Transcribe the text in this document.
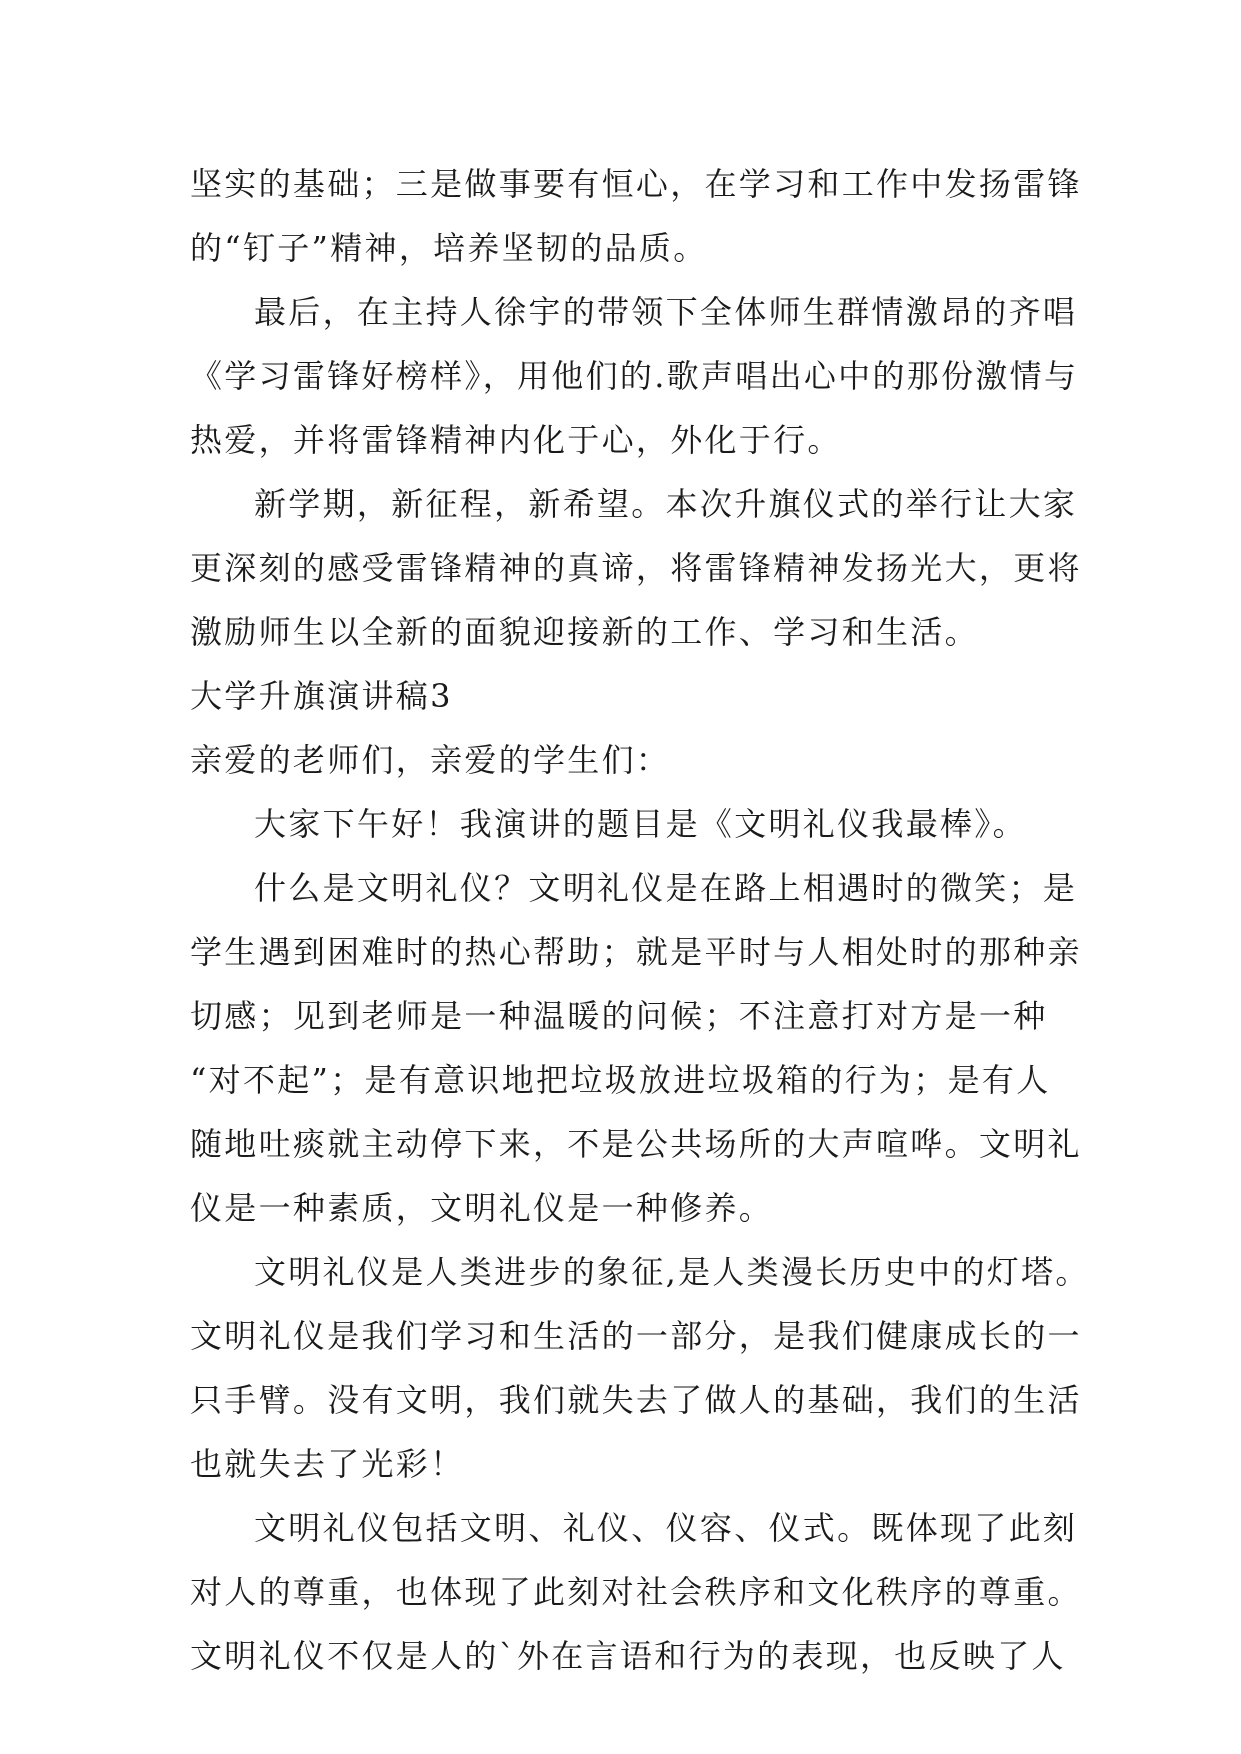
坚实的基础；三是做事要有恒心，在学习和工作中发扬雷锋
的“钉子”精神，培养坚韧的品质。
最后，在主持人徐宇的带领下全体师生群情激昂的齐唱
《学习雷锋好榜样》，用他们的.歌声唱出心中的那份激情与
热爱，并将雷锋精神内化于心，外化于行。
新学期，新征程，新希望。本次升旗仪式的举行让大家
更深刻的感受雷锋精神的真谛，将雷锋精神发扬光大，更将
激励师生以全新的面貌迎接新的工作、学习和生活。
大学升旗演讲稿3
亲爱的老师们，亲爱的学生们：
大家下午好！我演讲的题目是《文明礼仪我最棒》。
什么是文明礼仪？文明礼仪是在路上相遇时的微笑；是
学生遇到困难时的热心帮助；就是平时与人相处时的那种亲
切感；见到老师是一种温暖的问候；不注意打对方是一种
“对不起”；是有意识地把垃圾放进垃圾箱的行为；是有人
随地吐痰就主动停下来，不是公共场所的大声喧哗。文明礼
仪是一种素质，文明礼仪是一种修养。
文明礼仪是人类进步的象征,是人类漫长历史中的灯塔。
文明礼仪是我们学习和生活的一部分，是我们健康成长的一
只手臂。没有文明，我们就失去了做人的基础，我们的生活
也就失去了光彩！
文明礼仪包括文明、礼仪、仪容、仪式。既体现了此刻
对人的尊重，也体现了此刻对社会秩序和文化秩序的尊重。
文明礼仪不仅是人的`外在言语和行为的表现，也反映了人
